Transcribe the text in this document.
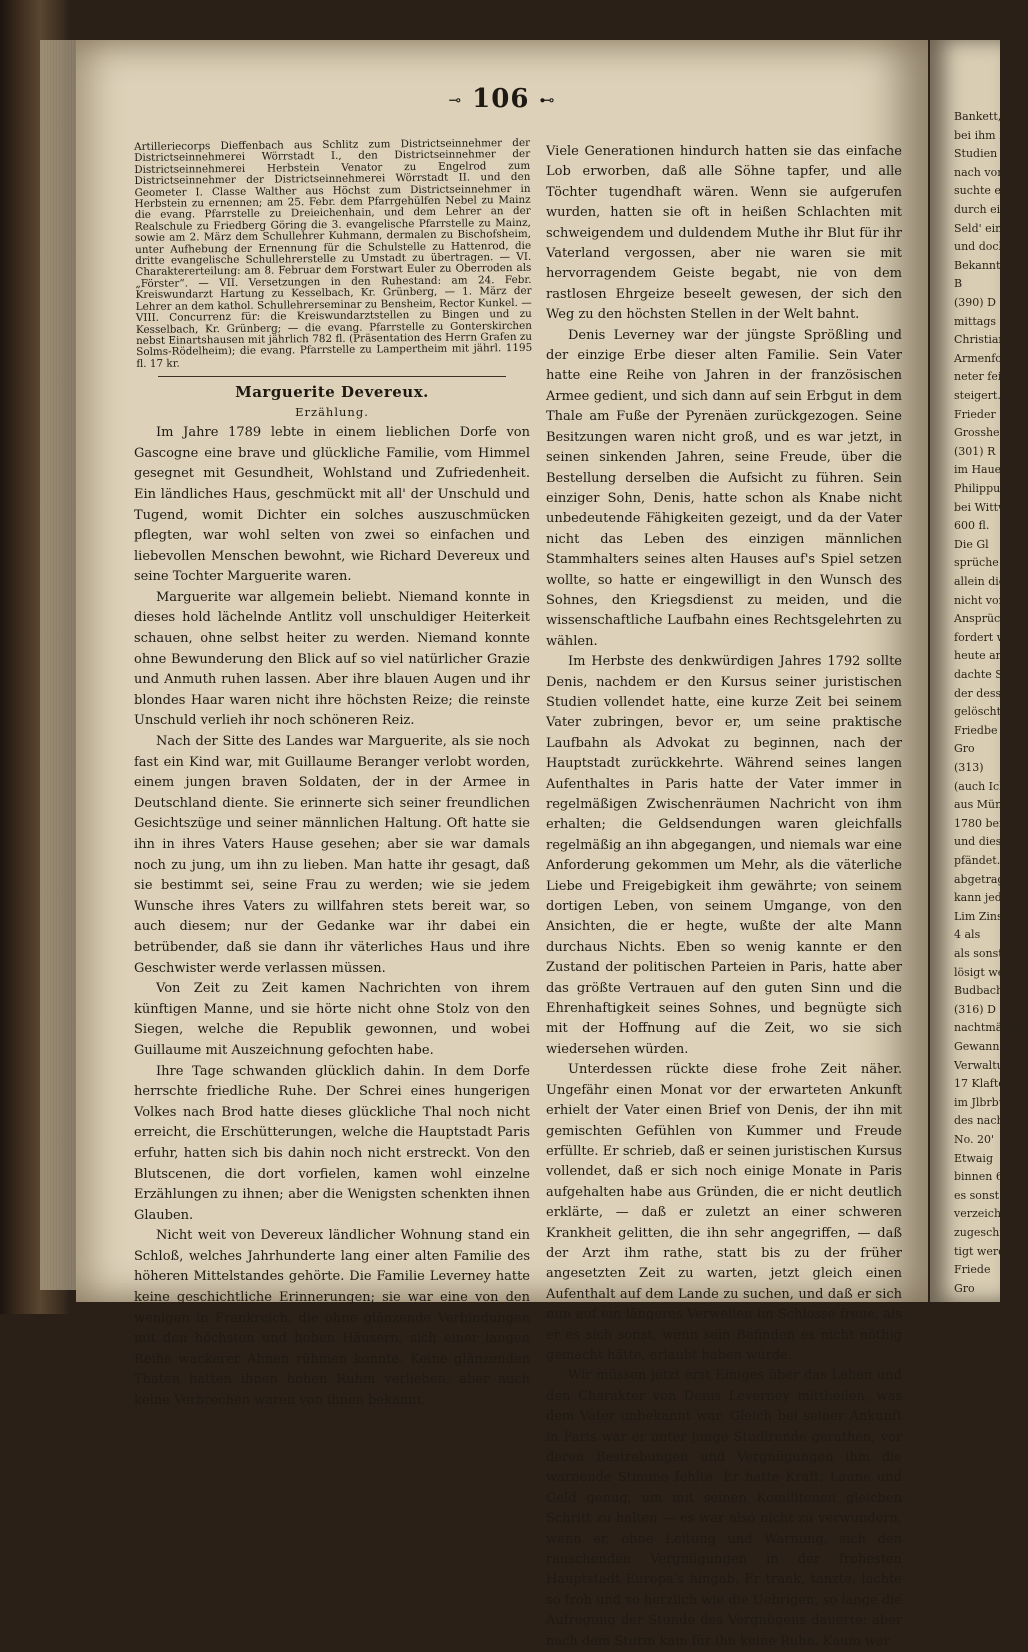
⊸ 106 ⊷

Artilleriecorps Dieffenbach aus Schlitz zum Districtseinnehmer der Districtseinnehmerei Wörrstadt I., den Districtseinnehmer der Districtseinnehmerei Herbstein Venator zu Engelrod zum Districtseinnehmer der Districtseinnehmerei Wörrstadt II. und den Geometer I. Classe Walther aus Höchst zum Districtseinnehmer in Herbstein zu ernennen; am 25. Febr. dem Pfarrgehülfen Nebel zu Mainz die evang. Pfarrstelle zu Dreieichenhain, und dem Lehrer an der Realschule zu Friedberg Göring die 3. evangelische Pfarrstelle zu Mainz, sowie am 2. März dem Schullehrer Kuhmann, dermalen zu Bischofsheim, unter Aufhebung der Ernennung für die Schulstelle zu Hattenrod, die dritte evangelische Schullehrerstelle zu Umstadt zu übertragen. — VI. Charaktererteilung: am 8. Februar dem Forstwart Euler zu Oberroden als „Förster“. — VII. Versetzungen in den Ruhestand: am 24. Febr. Kreiswundarzt Hartung zu Kesselbach, Kr. Grünberg, — 1. März der Lehrer an dem kathol. Schullehrerseminar zu Bensheim, Rector Kunkel. — VIII. Concurrenz für: die Kreiswundarztstellen zu Bingen und zu Kesselbach, Kr. Grünberg; — die evang. Pfarrstelle zu Gonterskirchen nebst Einartshausen mit jährlich 782 fl. (Präsentation des Herrn Grafen zu Solms-Rödelheim); die evang. Pfarrstelle zu Lampertheim mit jährl. 1195 fl. 17 kr.

Marguerite Devereux.
Erzählung.

Im Jahre 1789 lebte in einem lieblichen Dorfe von Gascogne eine brave und glückliche Familie, vom Himmel gesegnet mit Gesundheit, Wohlstand und Zufriedenheit. Ein ländliches Haus, geschmückt mit all' der Unschuld und Tugend, womit Dichter ein solches auszuschmücken pflegten, war wohl selten von zwei so einfachen und liebevollen Menschen bewohnt, wie Richard Devereux und seine Tochter Marguerite waren.

Marguerite war allgemein beliebt. Niemand konnte in dieses hold lächelnde Antlitz voll unschuldiger Heiterkeit schauen, ohne selbst heiter zu werden. Niemand konnte ohne Bewunderung den Blick auf so viel natürlicher Grazie und Anmuth ruhen lassen. Aber ihre blauen Augen und ihr blondes Haar waren nicht ihre höchsten Reize; die reinste Unschuld verlieh ihr noch schöneren Reiz.

Nach der Sitte des Landes war Marguerite, als sie noch fast ein Kind war, mit Guillaume Beranger verlobt worden, einem jungen braven Soldaten, der in der Armee in Deutschland diente. Sie erinnerte sich seiner freundlichen Gesichtszüge und seiner männlichen Haltung. Oft hatte sie ihn in ihres Vaters Hause gesehen; aber sie war damals noch zu jung, um ihn zu lieben. Man hatte ihr gesagt, daß sie bestimmt sei, seine Frau zu werden; wie sie jedem Wunsche ihres Vaters zu willfahren stets bereit war, so auch diesem; nur der Gedanke war ihr dabei ein betrübender, daß sie dann ihr väterliches Haus und ihre Geschwister werde verlassen müssen.

Von Zeit zu Zeit kamen Nachrichten von ihrem künftigen Manne, und sie hörte nicht ohne Stolz von den Siegen, welche die Republik gewonnen, und wobei Guillaume mit Auszeichnung gefochten habe.

Ihre Tage schwanden glücklich dahin. In dem Dorfe herrschte friedliche Ruhe. Der Schrei eines hungerigen Volkes nach Brod hatte dieses glückliche Thal noch nicht erreicht, die Erschütterungen, welche die Hauptstadt Paris erfuhr, hatten sich bis dahin noch nicht erstreckt. Von den Blutscenen, die dort vorfielen, kamen wohl einzelne Erzählungen zu ihnen; aber die Wenigsten schenkten ihnen Glauben.

Nicht weit von Devereux ländlicher Wohnung stand ein Schloß, welches Jahrhunderte lang einer alten Familie des höheren Mittelstandes gehörte. Die Familie Leverney hatte keine geschichtliche Erinnerungen; sie war eine von den wenigen in Frankreich, die ohne glänzende Verbindungen mit den höchsten und hohen Häusern, sich einer langen Reihe wackerer Ahnen rühmen konnte. Keine glänzenden Thaten hatten ihnen hohen Ruhm verliehen, aber auch keine Verbrechen waren von ihnen bekannt.

Viele Generationen hindurch hatten sie das einfache Lob erworben, daß alle Söhne tapfer, und alle Töchter tugendhaft wären. Wenn sie aufgerufen wurden, hatten sie oft in heißen Schlachten mit schweigendem und duldendem Muthe ihr Blut für ihr Vaterland vergossen, aber nie waren sie mit hervorragendem Geiste begabt, nie von dem rastlosen Ehrgeize beseelt gewesen, der sich den Weg zu den höchsten Stellen in der Welt bahnt.

Denis Leverney war der jüngste Sprößling und der einzige Erbe dieser alten Familie. Sein Vater hatte eine Reihe von Jahren in der französischen Armee gedient, und sich dann auf sein Erbgut in dem Thale am Fuße der Pyrenäen zurückgezogen. Seine Besitzungen waren nicht groß, und es war jetzt, in seinen sinkenden Jahren, seine Freude, über die Bestellung derselben die Aufsicht zu führen. Sein einziger Sohn, Denis, hatte schon als Knabe nicht unbedeutende Fähigkeiten gezeigt, und da der Vater nicht das Leben des einzigen männlichen Stammhalters seines alten Hauses auf's Spiel setzen wollte, so hatte er eingewilligt in den Wunsch des Sohnes, den Kriegsdienst zu meiden, und die wissenschaftliche Laufbahn eines Rechtsgelehrten zu wählen.

Im Herbste des denkwürdigen Jahres 1792 sollte Denis, nachdem er den Kursus seiner juristischen Studien vollendet hatte, eine kurze Zeit bei seinem Vater zubringen, bevor er, um seine praktische Laufbahn als Advokat zu beginnen, nach der Hauptstadt zurückkehrte. Während seines langen Aufenthaltes in Paris hatte der Vater immer in regelmäßigen Zwischenräumen Nachricht von ihm erhalten; die Geldsendungen waren gleichfalls regelmäßig an ihn abgegangen, und niemals war eine Anforderung gekommen um Mehr, als die väterliche Liebe und Freigebigkeit ihm gewährte; von seinem dortigen Leben, von seinem Umgange, von den Ansichten, die er hegte, wußte der alte Mann durchaus Nichts. Eben so wenig kannte er den Zustand der politischen Parteien in Paris, hatte aber das größte Vertrauen auf den guten Sinn und die Ehrenhaftigkeit seines Sohnes, und begnügte sich mit der Hoffnung auf die Zeit, wo sie sich wiedersehen würden.

Unterdessen rückte diese frohe Zeit näher. Ungefähr einen Monat vor der erwarteten Ankunft erhielt der Vater einen Brief von Denis, der ihn mit gemischten Gefühlen von Kummer und Freude erfüllte. Er schrieb, daß er seinen juristischen Kursus vollendet, daß er sich noch einige Monate in Paris aufgehalten habe aus Gründen, die er nicht deutlich erklärte, — daß er zuletzt an einer schweren Krankheit gelitten, die ihn sehr angegriffen, — daß der Arzt ihm rathe, statt bis zu der früher angesetzten Zeit zu warten, jetzt gleich einen Aufenthalt auf dem Lande zu suchen, und daß er sich nun auf ein längeres Verweilen im Schlosse freue, als er es sich sonst, wenn sein Befinden es nicht nöthig gemacht hätte, erlaubt haben würde.

Wir müssen jetzt erst Einiges über das Leben und den Charakter von Denis Leverney mittheilen, was dem Vater unbekannt war. Gleich bei seiner Ankunft in Paris war er unter junge Studirende gerathen, vor deren Bestrebungen und Vergnügungen ihm die warnende Stimme fehlte. Er hatte Kraft, Laune und Geld genug, um mit seinen Komilitonen gleichen Schritt zu halten — es war also nicht zu verwundern, wenn er, ohne Leitung und Warnung, sich den rauschenden Vergnügungen in der frohesten Hauptstadt Europa's hingab. Er trank, tanzte, lachte so froh und so herzlich wie die Uebrigen, so lange die Aufregung der Stunde des Vergnügens dauerte; aber nach dem Sturm kam für ihn keine Ruhe. Kaum war

Bankett, Ta
bei ihm Re
Studien we
nach von
suchte er u
durch eine
Seld' ein
und doch,
Bekannt
B
(390) D
mittags 11
Christian P
Armenfond
neter feiler
steigert.
Frieder
Grossher
(301) R
im Hauerha
Philippus B
bei Wittwe
600 fl.
Die Gl
sprüche m
allein die v
nicht vorge
Ansprüche
fordert we
heute an d
dachte Sch
der dessfall
gelöscht we
Friedbe
Gro
(313)
(auch Ich
aus Münz
1780 bei
und dieses
pfändet.
abgetragen
kann jedoch
Lim Zinse
4 als
als sonst b
lösigt werde
Budbach
(316) D
nachtmäßige
Gewann
Verwaltung
17 Klafter
im Jlbrbu
des nach
No. 20'
Etwaig
binnen 6
es sonst d
verzeichniss
zugeschriebe
tigt werden
Friede
Gro
